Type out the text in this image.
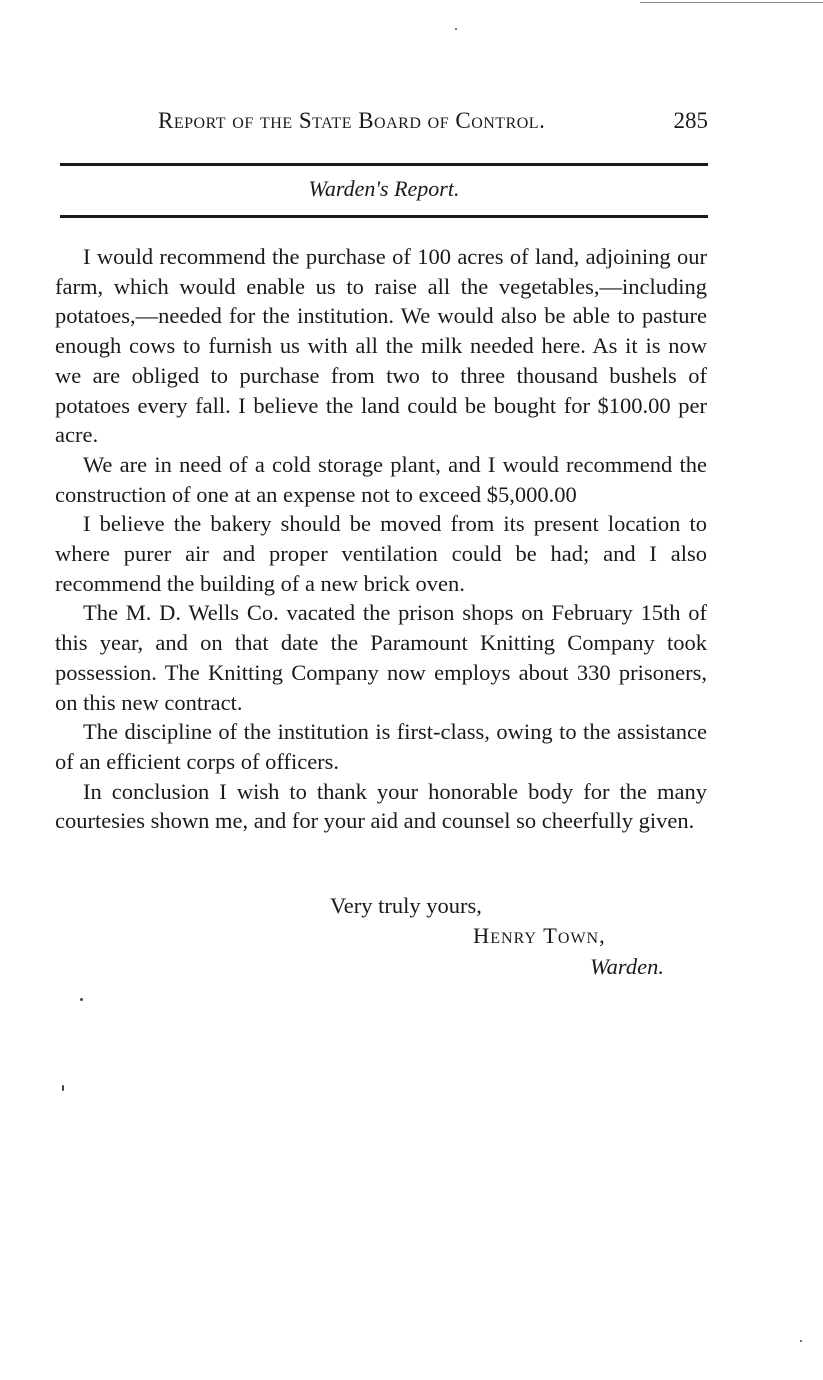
Report of the State Board of Control.	285
Warden's Report.

I would recommend the purchase of 100 acres of land, adjoining our farm, which would enable us to raise all the vegetables,—including potatoes,—needed for the institution. We would also be able to pasture enough cows to furnish us with all the milk needed here. As it is now we are obliged to purchase from two to three thousand bushels of potatoes every fall. I believe the land could be bought for $100.00 per acre.

We are in need of a cold storage plant, and I would recommend the construction of one at an expense not to exceed $5,000.00

I believe the bakery should be moved from its present location to where purer air and proper ventilation could be had; and I also recommend the building of a new brick oven.

The M. D. Wells Co. vacated the prison shops on February 15th of this year, and on that date the Paramount Knitting Company took possession. The Knitting Company now employs about 330 prisoners, on this new contract.

The discipline of the institution is first-class, owing to the assistance of an efficient corps of officers.

In conclusion I wish to thank your honorable body for the many courtesies shown me, and for your aid and counsel so cheerfully given.

Very truly yours,
Henry Town,
Warden.
